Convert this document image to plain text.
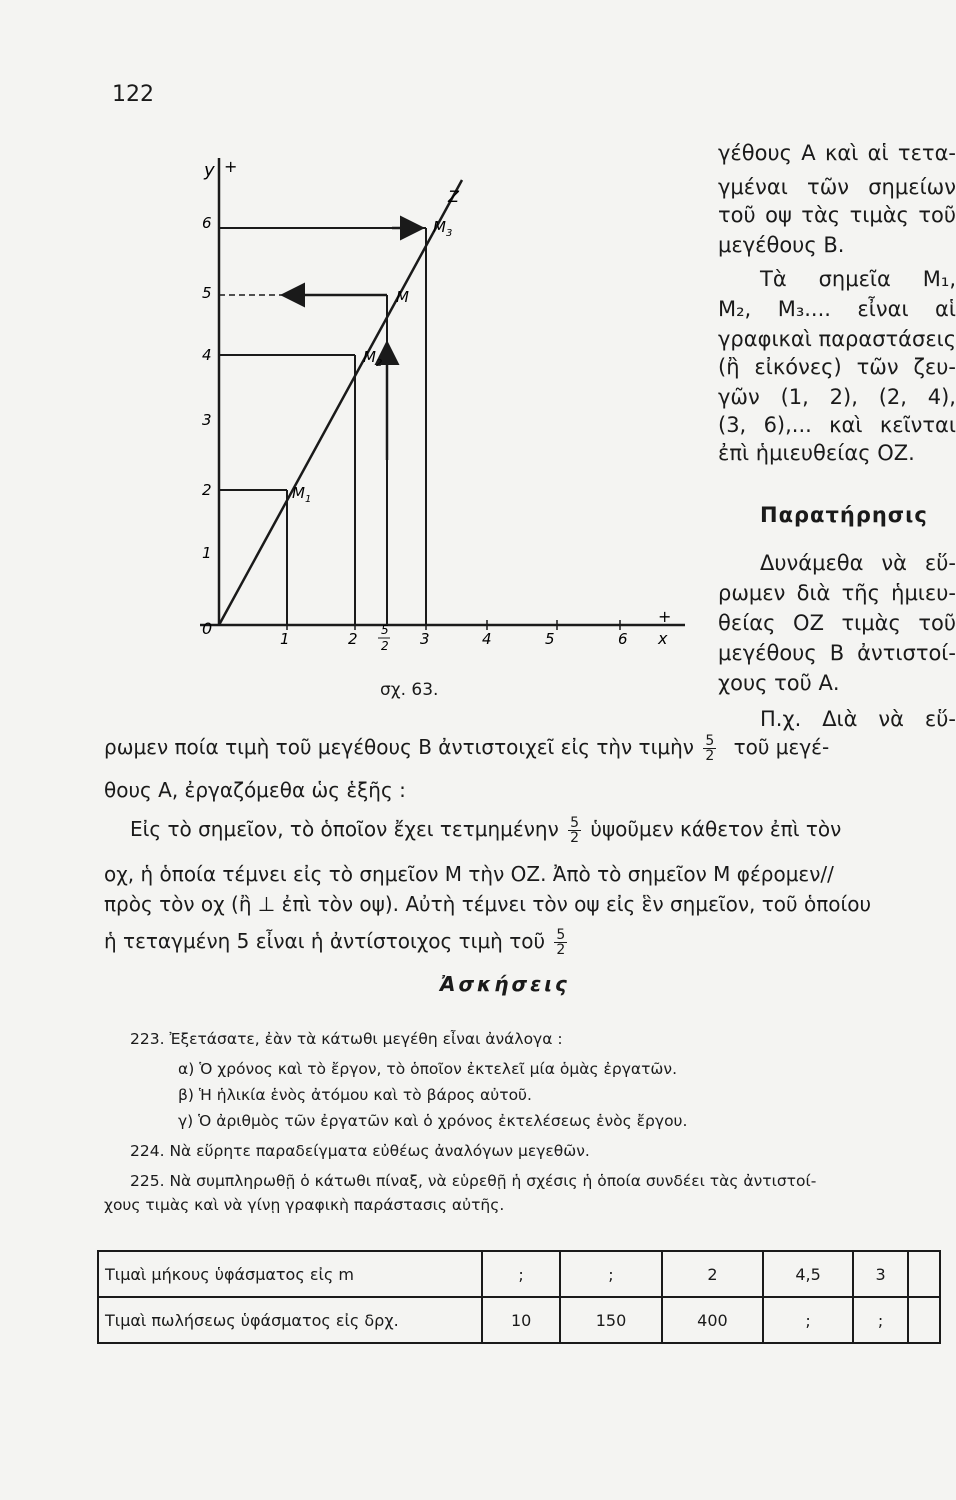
122
y +
+
x
0
1
2
3
4
5
6
1	2	3	4	5	6
5
2
Z
$M_1$
$M_2$
$M_3$
M
σχ. 63.
γέθους Α καὶ αἱ τετα-
γμέναι τῶν σημείων
τοῦ οψ τὰς τιμὰς τοῦ
μεγέθους Β.
Τὰ σημεῖα Μ₁,
Μ₂, Μ₃.... εἶναι αἱ
γραφικαὶ παραστάσεις
(ἢ εἰκόνες) τῶν ζευ-
γῶν (1, 2), (2, 4),
(3, 6),... καὶ κεῖνται
ἐπὶ ἡμιευθείας ΟΖ.
Παρατήρησις
Δυνάμεθα νὰ εὕ-
ρωμεν διὰ τῆς ἡμιευ-
θείας ΟΖ τιμὰς τοῦ
μεγέθους Β ἀντιστοί-
χους τοῦ Α.
Π.χ. Διὰ νὰ εὕ-
ρωμεν ποία τιμὴ τοῦ μεγέθους Β ἀντιστοιχεῖ εἰς τὴν τιμὴν $\frac{5}{2}$ τοῦ μεγέ-
θους Α, ἐργαζόμεθα ὡς ἑξῆς :
Εἰς τὸ σημεῖον, τὸ ὁποῖον ἔχει τετμημένην $\frac{5}{2}$ ὑψοῦμεν κάθετον ἐπὶ τὸν
οχ, ἡ ὁποία τέμνει εἰς τὸ σημεῖον Μ τὴν ΟΖ. Ἀπὸ τὸ σημεῖον Μ φέρομεν//
πρὸς τὸν οχ (ἢ ⊥ ἐπὶ τὸν οψ). Αὐτὴ τέμνει τὸν οψ εἰς ἓν σημεῖον, τοῦ ὁποίου
ἡ τεταγμένη 5 εἶναι ἡ ἀντίστοιχος τιμὴ τοῦ $\frac{5}{2}$
Ἀσκήσεις
223. Ἐξετάσατε, ἐὰν τὰ κάτωθι μεγέθη εἶναι ἀνάλογα :
α) Ὁ χρόνος καὶ τὸ ἔργον, τὸ ὁποῖον ἐκτελεῖ μία ὁμὰς ἐργατῶν.
β) Ἡ ἡλικία ἑνὸς ἀτόμου καὶ τὸ βάρος αὐτοῦ.
γ) Ὁ ἀριθμὸς τῶν ἐργατῶν καὶ ὁ χρόνος ἐκτελέσεως ἑνὸς ἔργου.
224. Νὰ εὕρητε παραδείγματα εὐθέως ἀναλόγων μεγεθῶν.
225. Νὰ συμπληρωθῇ ὁ κάτωθι πίναξ, νὰ εὑρεθῇ ἡ σχέσις ἡ ὁποία συνδέει τὰς ἀντιστοί-
χους τιμὰς καὶ νὰ γίνῃ γραφικὴ παράστασις αὐτῆς.
Τιμαὶ μήκους ὑφάσματος εἰς m	;	;	2	4,5	3	
Τιμαὶ πωλήσεως ὑφάσματος εἰς δρχ.	10	150	400	;	;	
